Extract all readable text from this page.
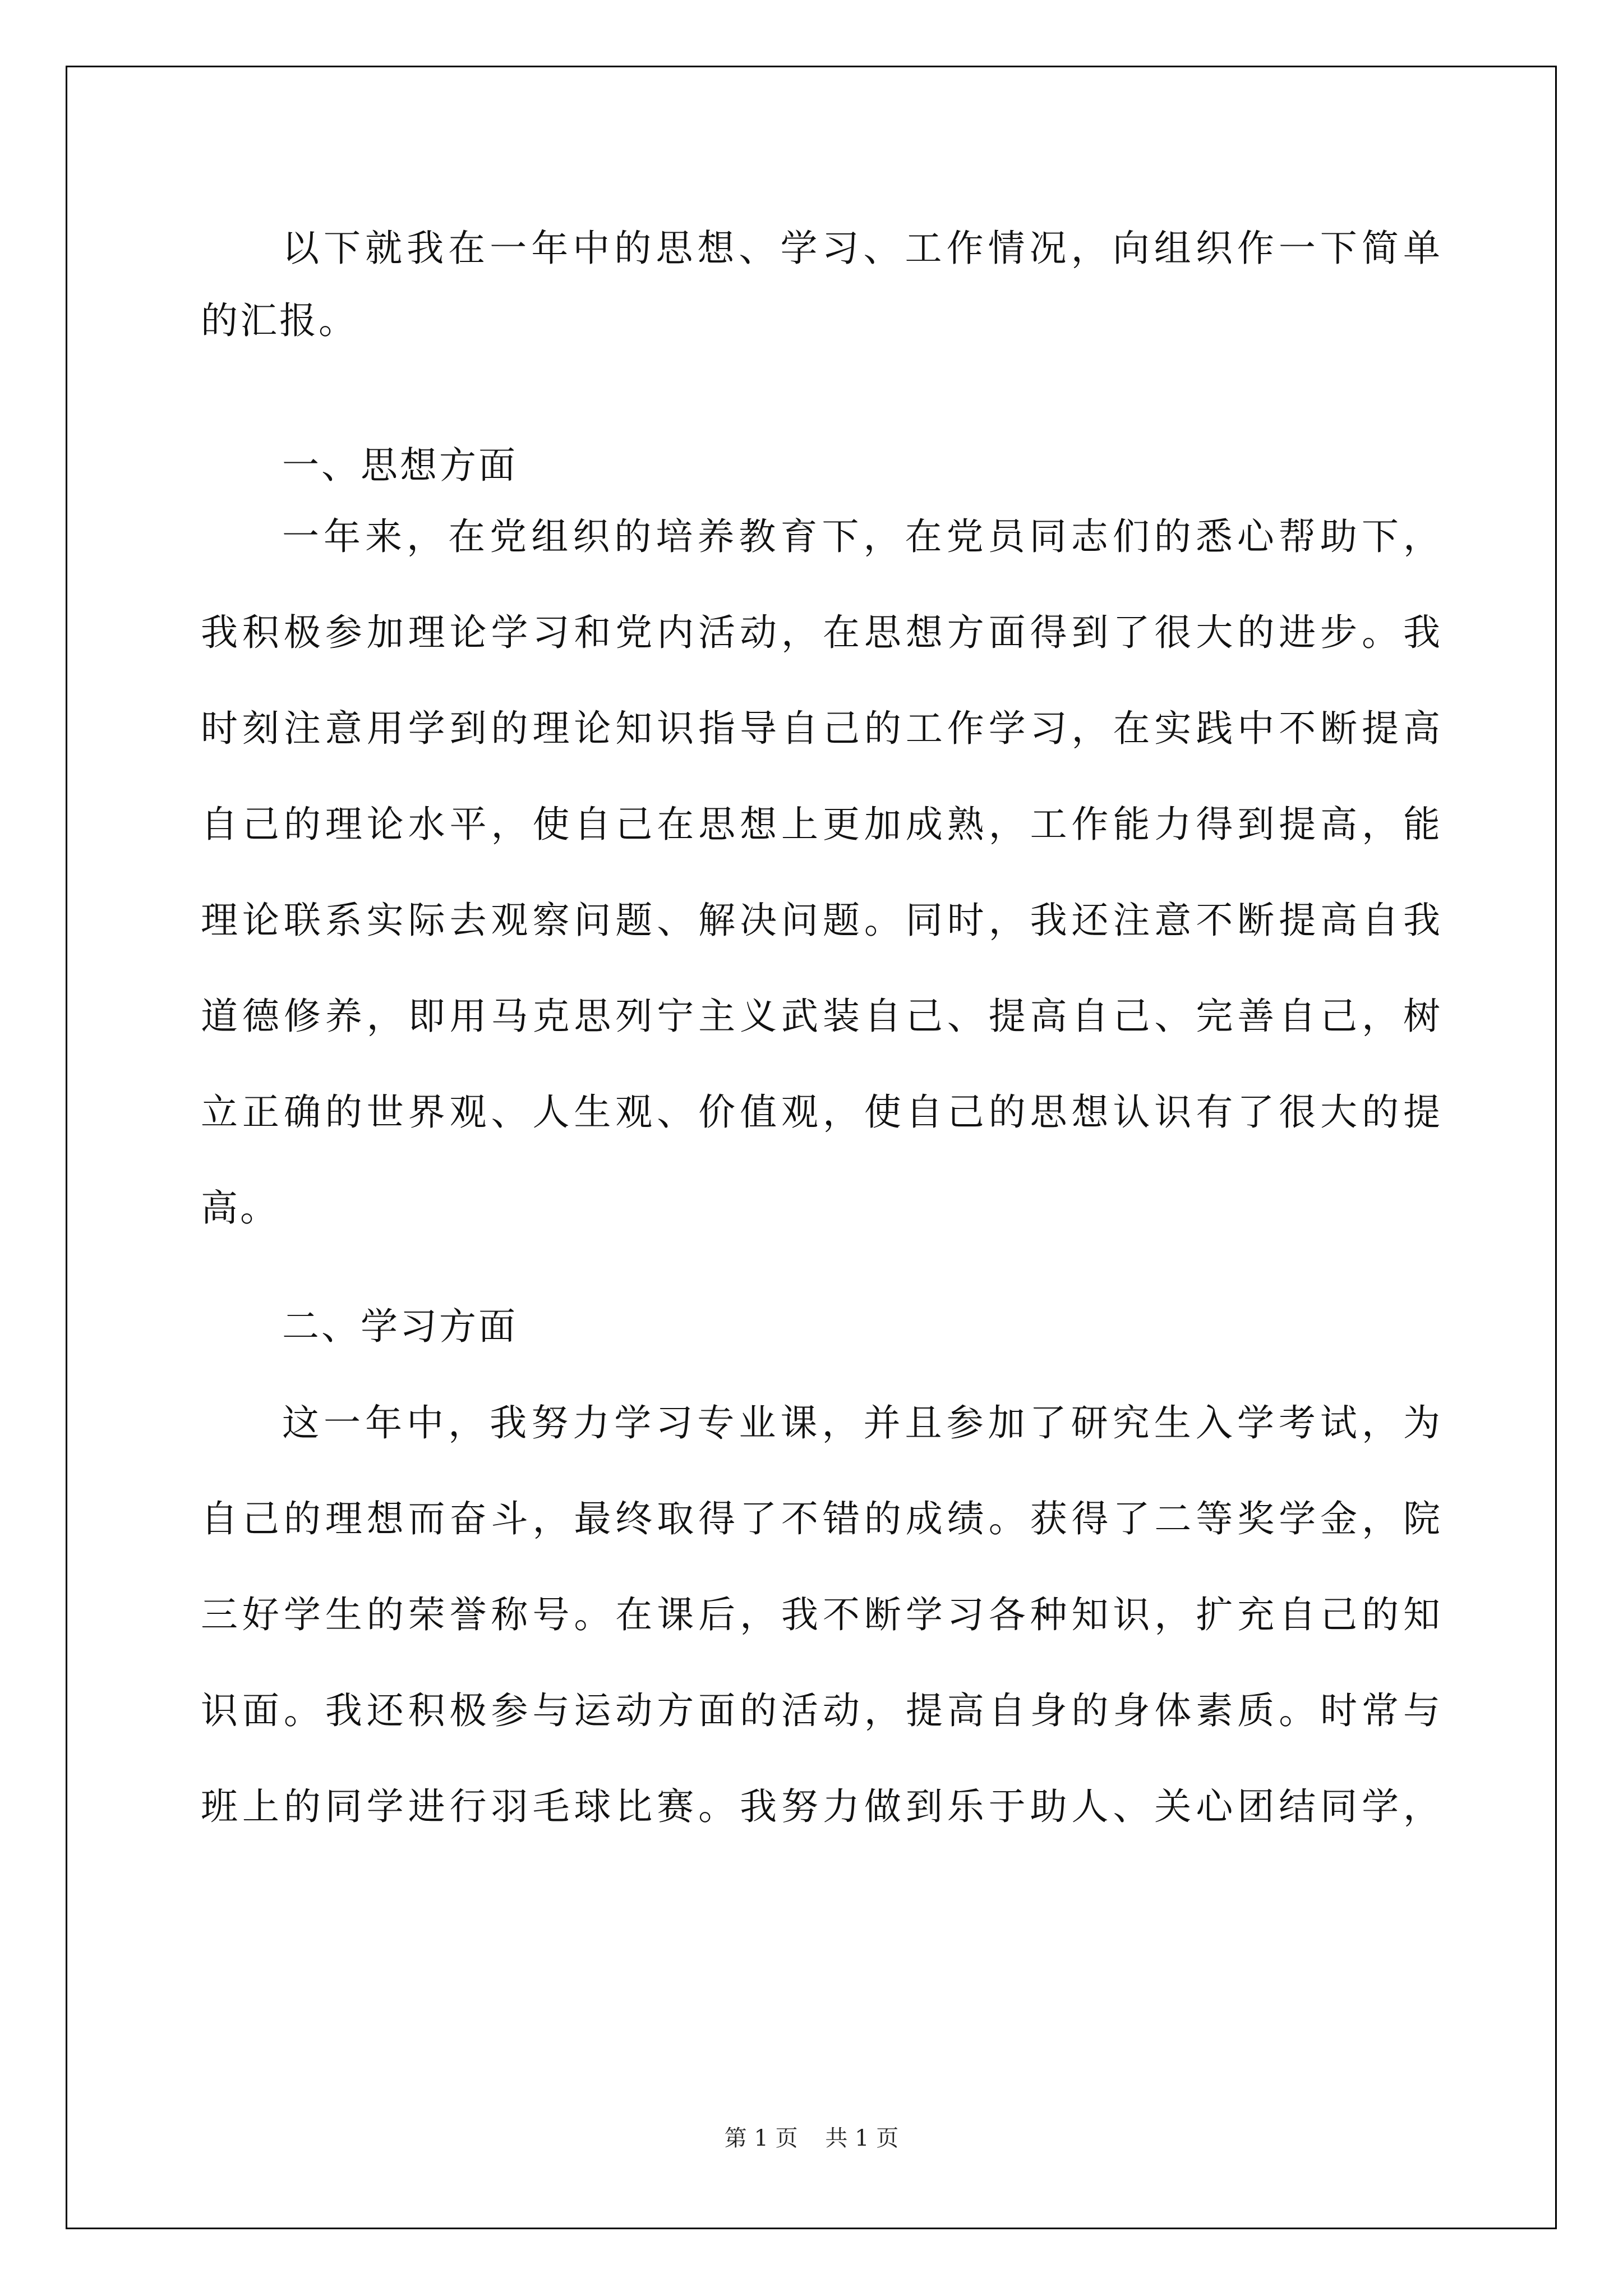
以下就我在一年中的思想、学习、工作情况，向组织作一下简单
的汇报。
一、思想方面
一年来，在党组织的培养教育下，在党员同志们的悉心帮助下，
我积极参加理论学习和党内活动，在思想方面得到了很大的进步。我
时刻注意用学到的理论知识指导自己的工作学习，在实践中不断提高
自己的理论水平，使自己在思想上更加成熟，工作能力得到提高，能
理论联系实际去观察问题、解决问题。同时，我还注意不断提高自我
道德修养，即用马克思列宁主义武装自己、提高自己、完善自己，树
立正确的世界观、人生观、价值观，使自己的思想认识有了很大的提
高。
二、学习方面
这一年中，我努力学习专业课，并且参加了研究生入学考试，为
自己的理想而奋斗，最终取得了不错的成绩。获得了二等奖学金，院
三好学生的荣誉称号。在课后，我不断学习各种知识，扩充自己的知
识面。我还积极参与运动方面的活动，提高自身的身体素质。时常与
班上的同学进行羽毛球比赛。我努力做到乐于助人、关心团结同学，
第 1 页 共 1 页
